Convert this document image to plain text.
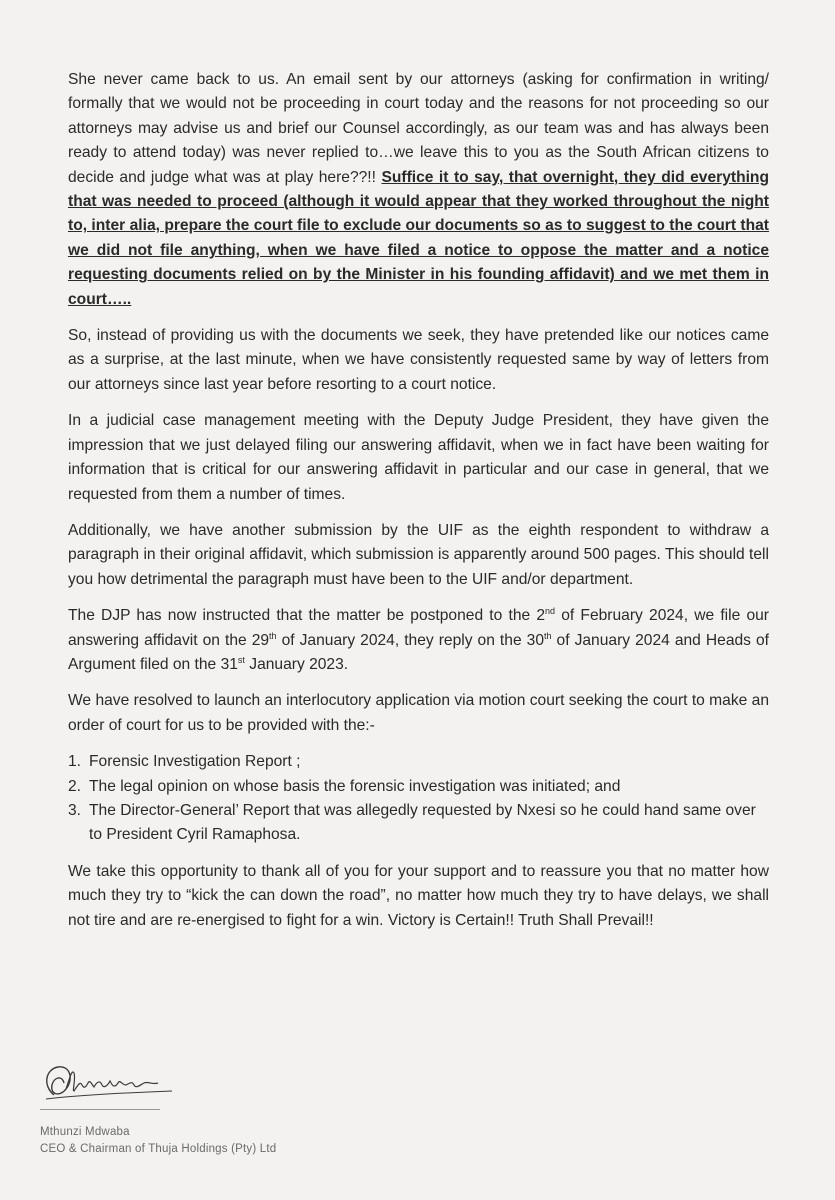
She never came back to us. An email sent by our attorneys (asking for confirmation in writing/ formally that we would not be proceeding in court today and the reasons for not proceeding so our attorneys may advise us and brief our Counsel accordingly, as our team was and has always been ready to attend today) was never replied to…we leave this to you as the South African citizens to decide and judge what was at play here??!! Suffice it to say, that overnight, they did everything that was needed to proceed (although it would appear that they worked throughout the night to, inter alia, prepare the court file to exclude our documents so as to suggest to the court that we did not file anything, when we have filed a notice to oppose the matter and a notice requesting documents relied on by the Minister in his founding affidavit) and we met them in court…..

So, instead of providing us with the documents we seek, they have pretended like our notices came as a surprise, at the last minute, when we have consistently requested same by way of letters from our attorneys since last year before resorting to a court notice.

In a judicial case management meeting with the Deputy Judge President, they have given the impression that we just delayed filing our answering affidavit, when we in fact have been waiting for information that is critical for our answering affidavit in particular and our case in general, that we requested from them a number of times.

Additionally, we have another submission by the UIF as the eighth respondent to withdraw a paragraph in their original affidavit, which submission is apparently around 500 pages. This should tell you how detrimental the paragraph must have been to the UIF and/or department.

The DJP has now instructed that the matter be postponed to the 2nd of February 2024, we file our answering affidavit on the 29th of January 2024, they reply on the 30th of January 2024 and Heads of Argument filed on the 31st January 2023.

We have resolved to launch an interlocutory application via motion court seeking the court to make an order of court for us to be provided with the:-

1. Forensic Investigation Report ;
2. The legal opinion on whose basis the forensic investigation was initiated; and
3. The Director-General’ Report that was allegedly requested by Nxesi so he could hand same over to President Cyril Ramaphosa.

We take this opportunity to thank all of you for your support and to reassure you that no matter how much they try to “kick the can down the road”, no matter how much they try to have delays, we shall not tire and are re-energised to fight for a win. Victory is Certain!! Truth Shall Prevail!!

Mthunzi Mdwaba
CEO & Chairman of Thuja Holdings (Pty) Ltd
